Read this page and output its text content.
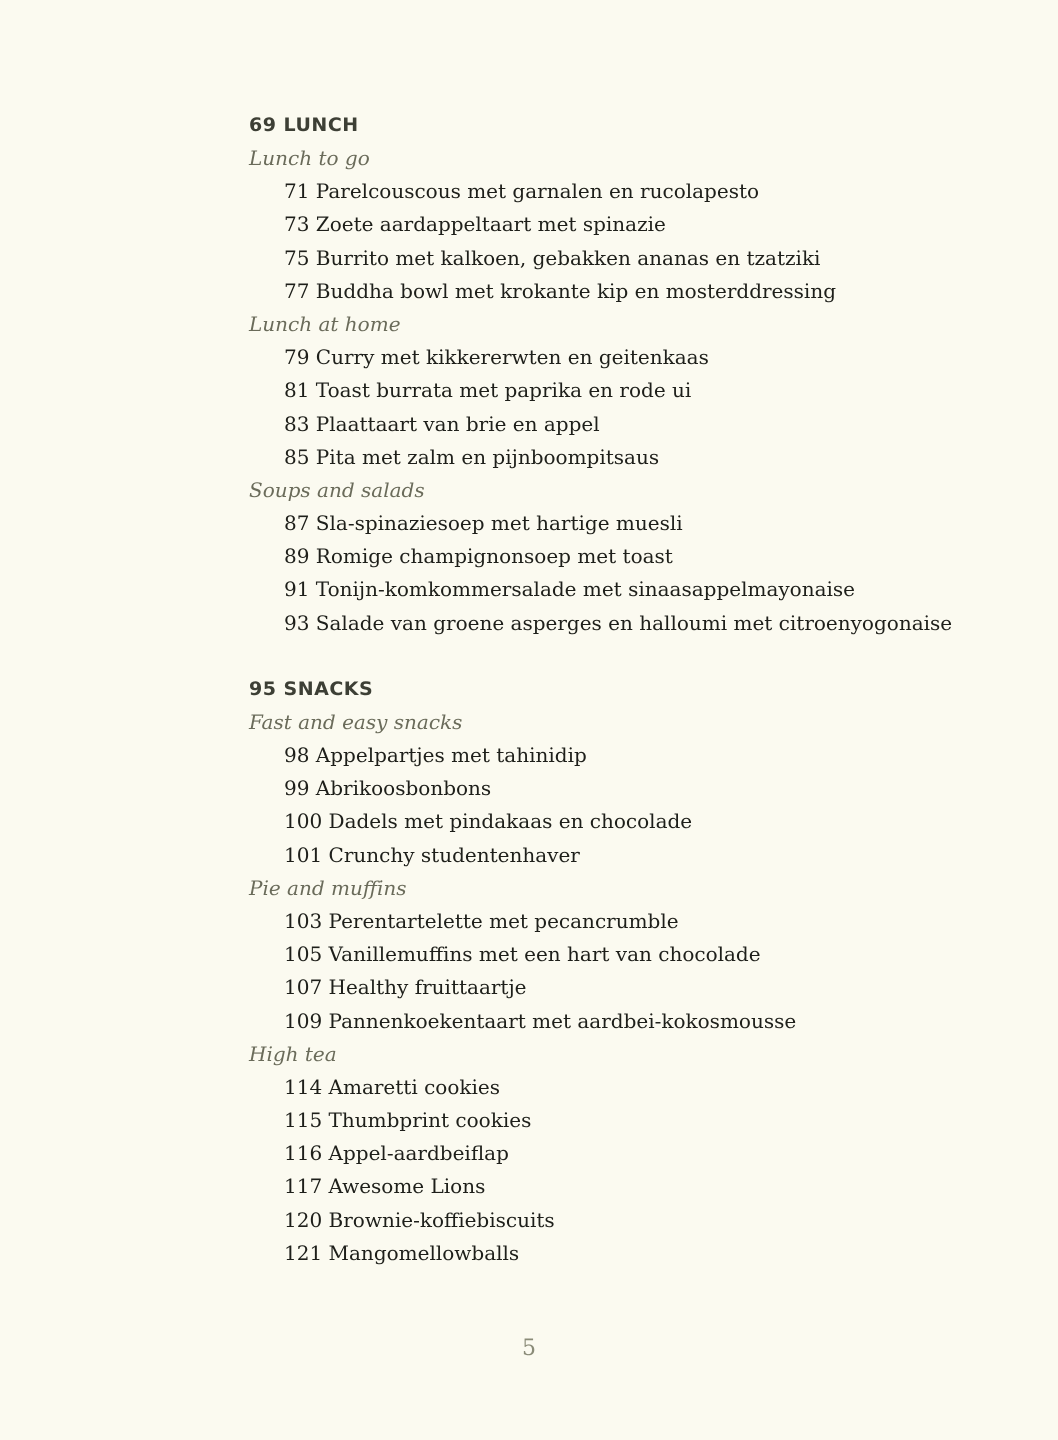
69 LUNCH
Lunch to go
71 Parelcouscous met garnalen en rucolapesto
73 Zoete aardappeltaart met spinazie
75 Burrito met kalkoen, gebakken ananas en tzatziki
77 Buddha bowl met krokante kip en mosterddressing
Lunch at home
79 Curry met kikkererwten en geitenkaas
81 Toast burrata met paprika en rode ui
83 Plaattaart van brie en appel
85 Pita met zalm en pijnboompitsaus
Soups and salads
87 Sla-spinaziesoep met hartige muesli
89 Romige champignonsoep met toast
91 Tonijn-komkommersalade met sinaasappelmayonaise
93 Salade van groene asperges en halloumi met citroenyogonaise
95 SNACKS
Fast and easy snacks
98 Appelpartjes met tahinidip
99 Abrikoosbonbons
100 Dadels met pindakaas en chocolade
101 Crunchy studentenhaver
Pie and muffins
103 Perentartelette met pecancrumble
105 Vanillemuffins met een hart van chocolade
107 Healthy fruittaartje
109 Pannenkoekentaart met aardbei-kokosmousse
High tea
114 Amaretti cookies
115 Thumbprint cookies
116 Appel-aardbeiflap
117 Awesome Lions
120 Brownie-koffiebiscuits
121 Mangomellowballs
5
